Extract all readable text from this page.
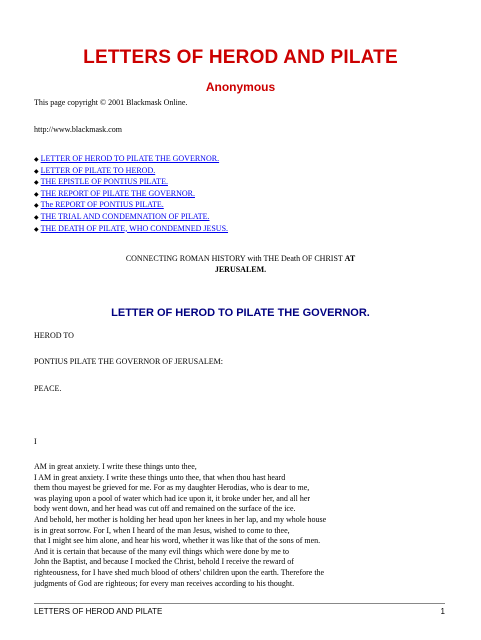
LETTERS OF HEROD AND PILATE
Anonymous
This page copyright © 2001 Blackmask Online.
http://www.blackmask.com
◆ LETTER OF HEROD TO PILATE THE GOVERNOR.
◆ LETTER OF PILATE TO HEROD.
◆ THE EPISTLE OF PONTIUS PILATE.
◆ THE REPORT OF PILATE THE GOVERNOR.
◆ The REPORT OF PONTIUS PILATE.
◆ THE TRIAL AND CONDEMNATION OF PILATE.
◆ THE DEATH OF PILATE, WHO CONDEMNED JESUS.
CONNECTING ROMAN HISTORY with THE Death OF CHRIST AT
JERUSALEM.
LETTER OF HEROD TO PILATE THE GOVERNOR.
HEROD TO
PONTIUS PILATE THE GOVERNOR OF JERUSALEM:
PEACE.
I
AM in great anxiety. I write these things unto thee,
I AM in great anxiety. I write these things unto thee, that when thou hast heard
them thou mayest be grieved for me. For as my daughter Herodias, who is dear to me,
was playing upon a pool of water which had ice upon it, it broke under her, and all her
body went down, and her head was cut off and remained on the surface of the ice.
And behold, her mother is holding her head upon her knees in her lap, and my whole house
is in great sorrow. For I, when I heard of the man Jesus, wished to come to thee,
that I might see him alone, and hear his word, whether it was like that of the sons of men.
And it is certain that because of the many evil things which were done by me to
John the Baptist, and because I mocked the Christ, behold I receive the reward of
righteousness, for I have shed much blood of others' children upon the earth. Therefore the
judgments of God are righteous; for every man receives according to his thought.
LETTERS OF HEROD AND PILATE	1
